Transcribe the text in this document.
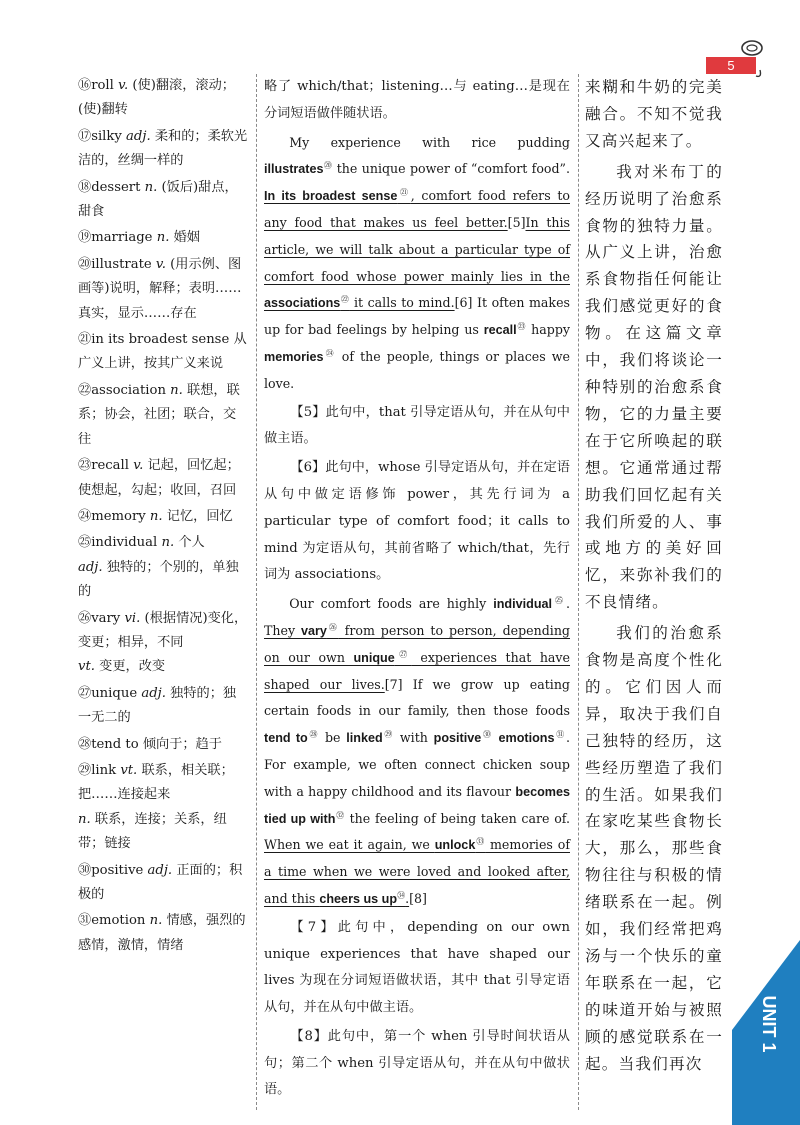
5
⑯roll v. (使)翻滚，滚动；(使)翻转
⑰silky adj. 柔和的；柔软光洁的，丝绸一样的
⑱dessert n. (饭后)甜点，甜食
⑲marriage n. 婚姻
⑳illustrate v. (用示例、图画等)说明，解释；表明……真实，显示……存在
㉑in its broadest sense 从广义上讲，按其广义来说
㉒association n. 联想，联系；协会，社团；联合，交往
㉓recall v. 记起，回忆起；使想起，勾起；收回，召回
㉔memory n. 记忆，回忆
㉕individual n. 个人
adj. 独特的；个别的，单独的
㉖vary vi. (根据情况)变化，变更；相异，不同
vt. 变更，改变
㉗unique adj. 独特的；独一无二的
㉘tend to 倾向于；趋于
㉙link vt. 联系，相关联；把……连接起来
n. 联系，连接；关系，纽带；链接
㉚positive adj. 正面的；积极的
㉛emotion n. 情感，强烈的感情，激情，情绪

略了 which/that；listening…与 eating…是现在分词短语做伴随状语。

My experience with rice pudding illustrates⑳ the unique power of “comfort food”. In its broadest sense$^㉑$, comfort food refers to any food that makes us feel better.[5]In this article, we will talk about a particular type of comfort food whose power mainly lies in the associations$^㉒$ it calls to mind.[6] It often makes up for bad feelings by helping us recall$^㉓$ happy memories$^㉔$ of the people, things or places we love.

【5】此句中，that 引导定语从句，并在从句中做主语。

【6】此句中，whose 引导定语从句，并在定语从句中做定语修饰 power，其先行词为 a particular type of comfort food；it calls to mind 为定语从句，其前省略了 which/that，先行词为 associations。

Our comfort foods are highly individual$^㉕$. They vary$^㉖$ from person to person, depending on our own unique$^㉗$ experiences that have shaped our lives.[7] If we grow up eating certain foods in our family, then those foods tend to$^㉘$ be linked$^㉙$ with positive$^㉚$ emotions$^㉛$. For example, we often connect chicken soup with a happy childhood and its flavour becomes tied up with$^㉜$ the feeling of being taken care of. When we eat it again, we unlock$^㉝$ memories of a time when we were loved and looked after, and this cheers us up$^㉞$.[8]

【7】此句中，depending on our own unique experiences that have shaped our lives 为现在分词短语做状语，其中 that 引导定语从句，并在从句中做主语。

【8】此句中，第一个 when 引导时间状语从句；第二个 when 引导定语从句，并在从句中做状语。

来糊和牛奶的完美融合。不知不觉我又高兴起来了。

我对米布丁的经历说明了治愈系食物的独特力量。从广义上讲，治愈系食物指任何能让我们感觉更好的食物。在这篇文章中，我们将谈论一种特别的治愈系食物，它的力量主要在于它所唤起的联想。它通常通过帮助我们回忆起有关我们所爱的人、事或地方的美好回忆，来弥补我们的不良情绪。

我们的治愈系食物是高度个性化的。它们因人而异，取决于我们自己独特的经历，这些经历塑造了我们的生活。如果我们在家吃某些食物长大，那么，那些食物往往与积极的情绪联系在一起。例如，我们经常把鸡汤与一个快乐的童年联系在一起，它的味道开始与被照顾的感觉联系在一起。当我们再次

UNIT 1
